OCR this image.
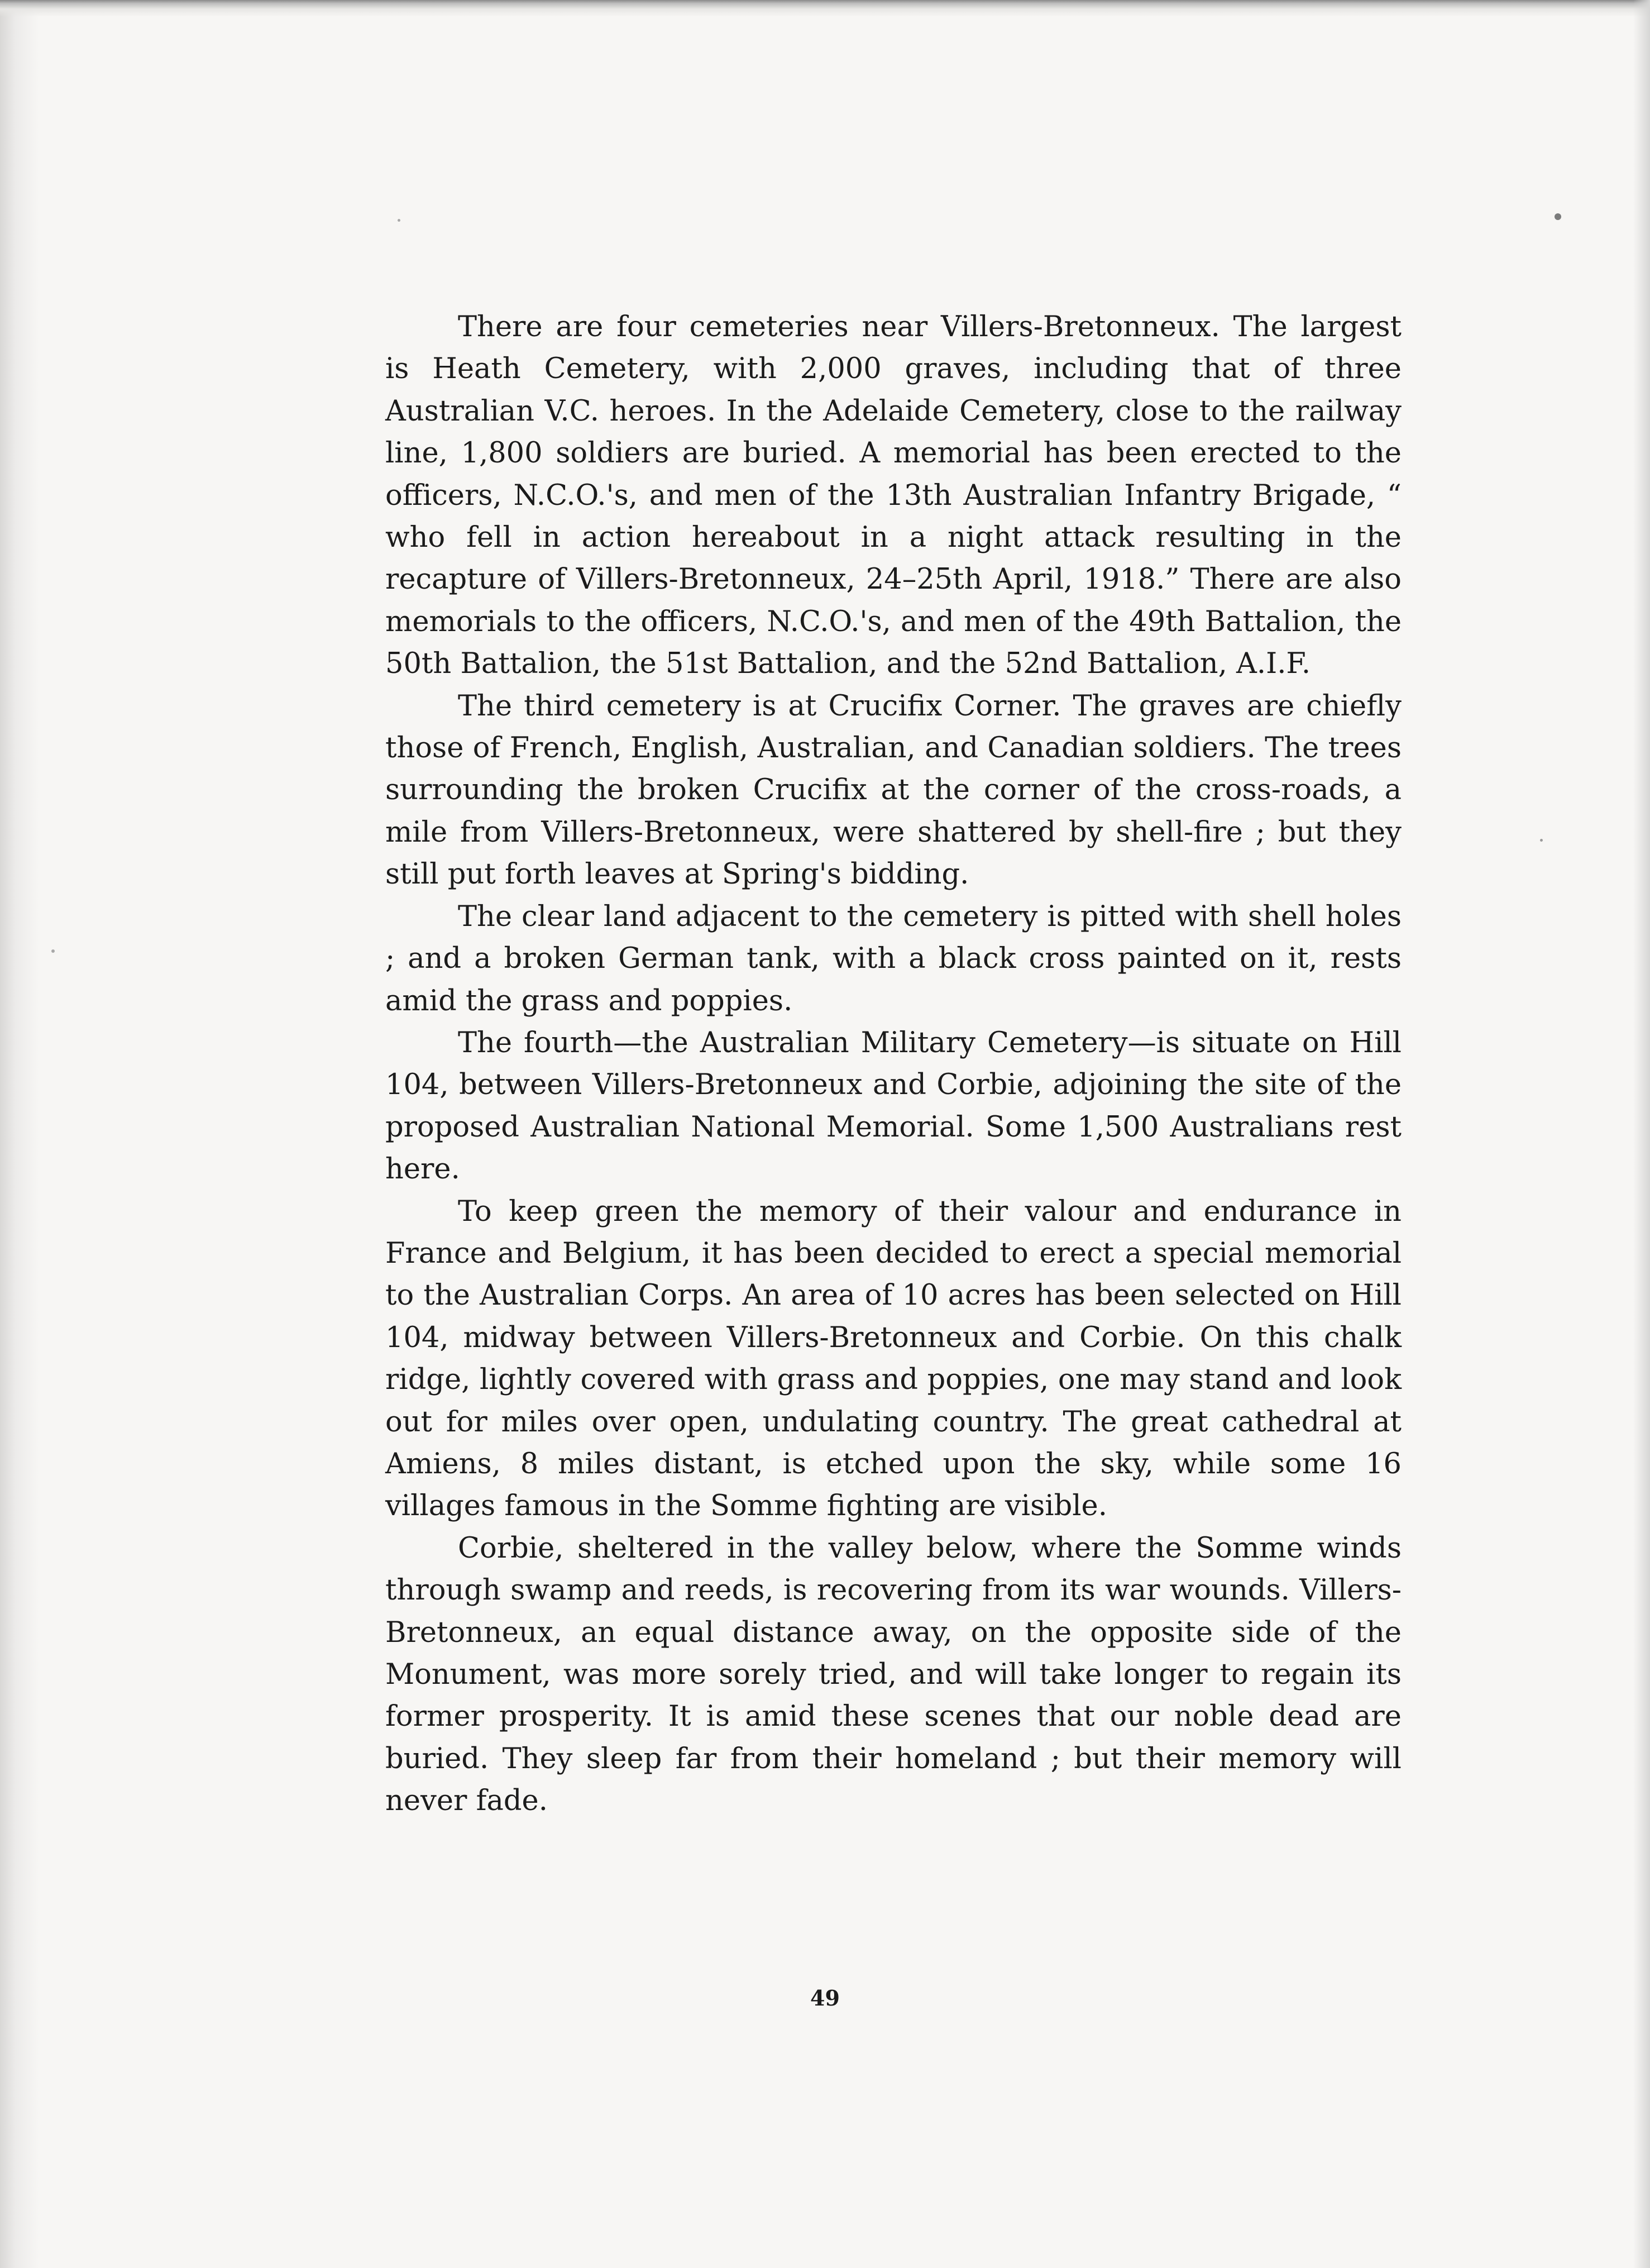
There are four cemeteries near Villers-Bretonneux. The largest is Heath Cemetery, with 2,000 graves, including that of three Australian V.C. heroes. In the Adelaide Cemetery, close to the railway line, 1,800 soldiers are buried. A memorial has been erected to the officers, N.C.O.'s, and men of the 13th Australian Infantry Brigade, “ who fell in action hereabout in a night attack resulting in the recapture of Villers-Bretonneux, 24–25th April, 1918.” There are also memorials to the officers, N.C.O.'s, and men of the 49th Battalion, the 50th Battalion, the 51st Battalion, and the 52nd Battalion, A.I.F.

The third cemetery is at Crucifix Corner. The graves are chiefly those of French, English, Australian, and Canadian soldiers. The trees surrounding the broken Crucifix at the corner of the cross-roads, a mile from Villers-Bretonneux, were shattered by shell-fire ; but they still put forth leaves at Spring's bidding.

The clear land adjacent to the cemetery is pitted with shell holes ; and a broken German tank, with a black cross painted on it, rests amid the grass and poppies.

The fourth—the Australian Military Cemetery—is situate on Hill 104, between Villers-Bretonneux and Corbie, adjoining the site of the proposed Australian National Memorial. Some 1,500 Australians rest here.

To keep green the memory of their valour and endurance in France and Belgium, it has been decided to erect a special memorial to the Australian Corps. An area of 10 acres has been selected on Hill 104, midway between Villers-Bretonneux and Corbie. On this chalk ridge, lightly covered with grass and poppies, one may stand and look out for miles over open, undulating country. The great cathedral at Amiens, 8 miles distant, is etched upon the sky, while some 16 villages famous in the Somme fighting are visible.

Corbie, sheltered in the valley below, where the Somme winds through swamp and reeds, is recovering from its war wounds. Villers-Bretonneux, an equal distance away, on the opposite side of the Monument, was more sorely tried, and will take longer to regain its former prosperity. It is amid these scenes that our noble dead are buried. They sleep far from their homeland ; but their memory will never fade.

49
